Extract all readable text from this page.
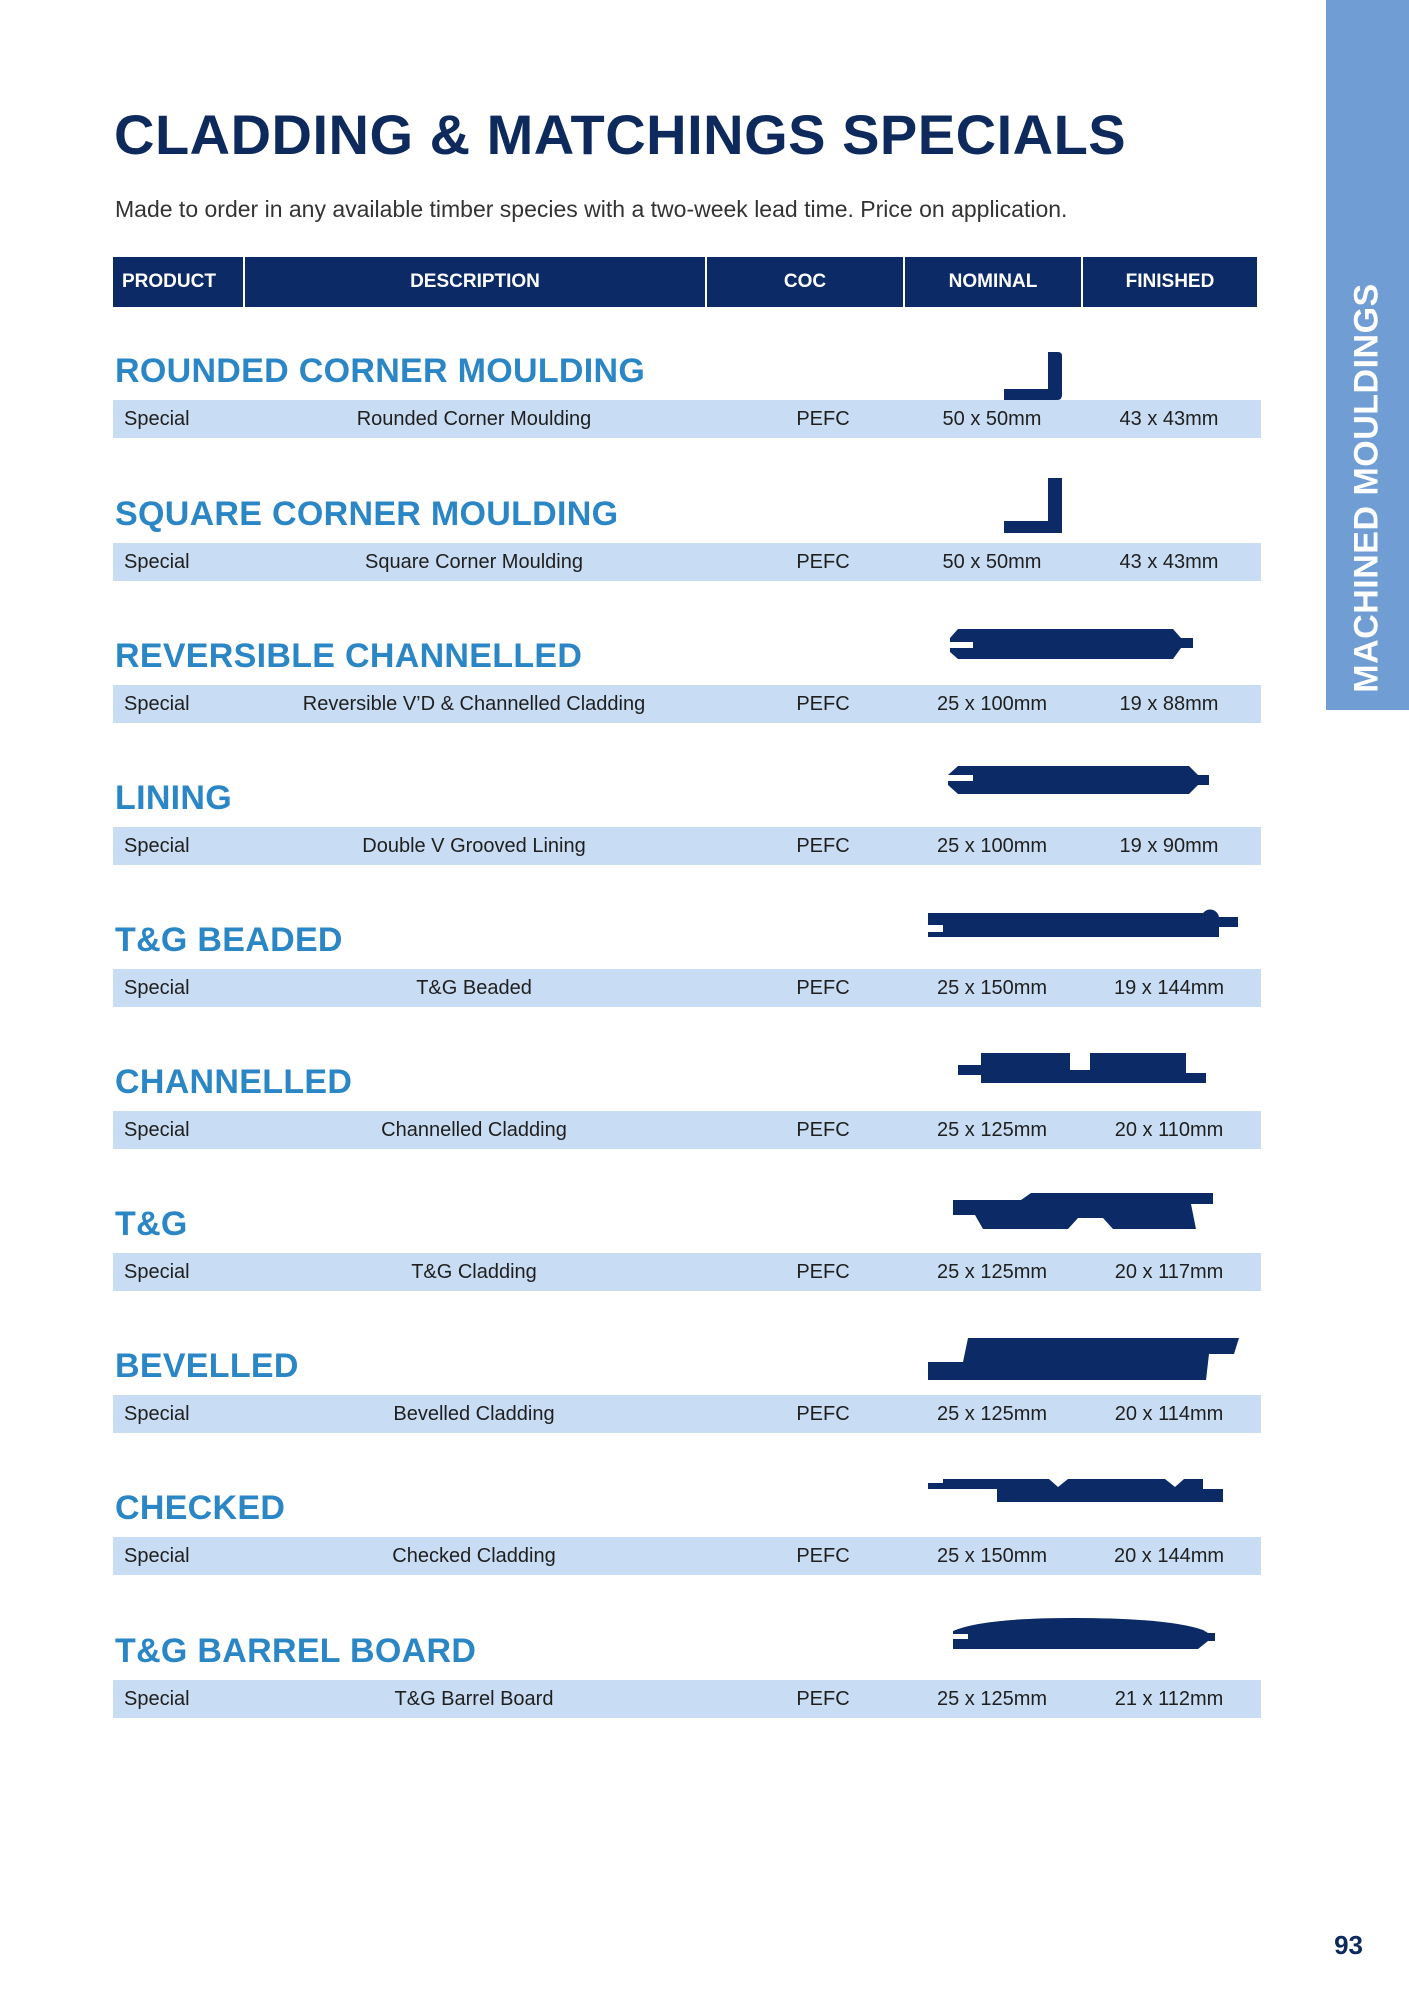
MACHINED MOULDINGS
CLADDING & MATCHINGS SPECIALS

Made to order in any available timber species with a two-week lead time. Price on application.

PRODUCT	DESCRIPTION	COC	NOMINAL	FINISHED
ROUNDED CORNER MOULDING
Special	Rounded Corner Moulding	PEFC	50 x 50mm	43 x 43mm
SQUARE CORNER MOULDING
Special	Square Corner Moulding	PEFC	50 x 50mm	43 x 43mm
REVERSIBLE CHANNELLED
Special	Reversible V’D & Channelled Cladding	PEFC	25 x 100mm	19 x 88mm
LINING
Special	Double V Grooved Lining	PEFC	25 x 100mm	19 x 90mm
T&G BEADED
Special	T&G Beaded	PEFC	25 x 150mm	19 x 144mm
CHANNELLED
Special	Channelled Cladding	PEFC	25 x 125mm	20 x 110mm
T&G
Special	T&G Cladding	PEFC	25 x 125mm	20 x 117mm
BEVELLED
Special	Bevelled Cladding	PEFC	25 x 125mm	20 x 114mm
CHECKED
Special	Checked Cladding	PEFC	25 x 150mm	20 x 144mm
T&G BARREL BOARD
Special	T&G Barrel Board	PEFC	25 x 125mm	21 x 112mm
93
